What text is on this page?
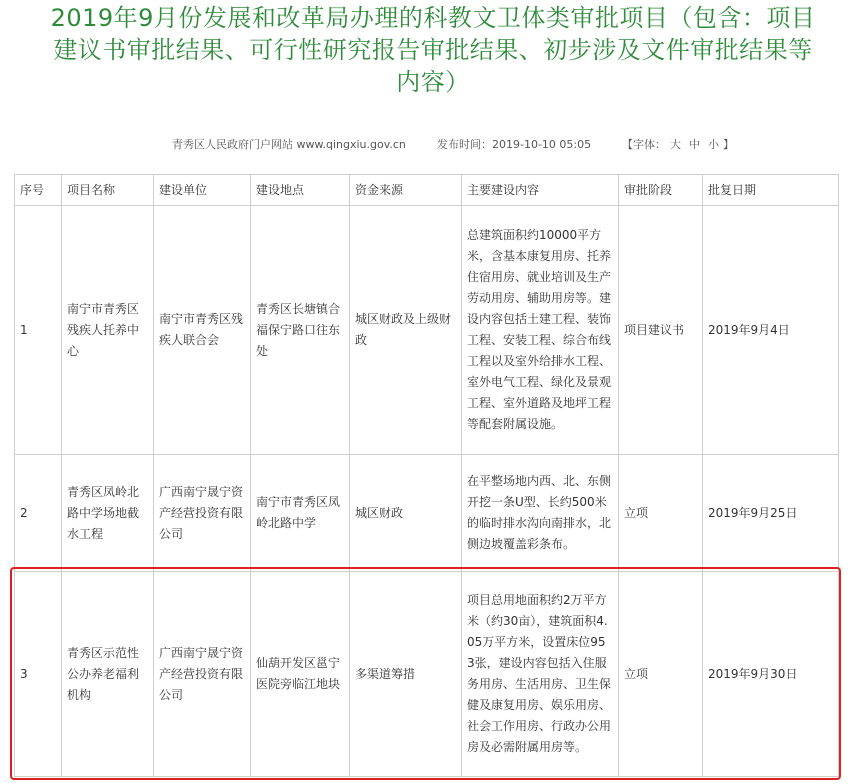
2019年9月份发展和改革局办理的科教文卫体类审批项目（包含：项目
建议书审批结果、可行性研究报告审批结果、初步涉及文件审批结果等
内容）
青秀区人民政府门户网站 www.qingxiu.gov.cn	发布时间：2019-10-10 05:05	【字体： 大 中 小 】
序号	项目名称	建设单位	建设地点	资金来源	主要建设内容	审批阶段	批复日期
1	南宁市青秀区残疾人托养中心	南宁市青秀区残疾人联合会	青秀区长塘镇合福保宁路口往东处	城区财政及上级财政	总建筑面积约10000平方米，含基本康复用房、托养住宿用房、就业培训及生产劳动用房、辅助用房等。建设内容包括土建工程、装饰工程、安装工程、综合布线工程以及室外给排水工程、室外电气工程、绿化及景观工程、室外道路及地坪工程等配套附属设施。	项目建议书	2019年9月4日
2	青秀区凤岭北路中学场地截水工程	广西南宁晟宁资产经营投资有限公司	南宁市青秀区凤岭北路中学	城区财政	在平整场地内西、北、东侧开挖一条U型、长约500米的临时排水沟向南排水，北侧边坡覆盖彩条布。	立项	2019年9月25日
3	青秀区示范性公办养老福利机构	广西南宁晟宁资产经营投资有限公司	仙葫开发区邕宁医院旁临江地块	多渠道筹措	项目总用地面积约2万平方米（约30亩），建筑面积4.05万平方米，设置床位953张，建设内容包括入住服务用房、生活用房、卫生保健及康复用房、娱乐用房、社会工作用房、行政办公用房及必需附属用房等。	立项	2019年9月30日
